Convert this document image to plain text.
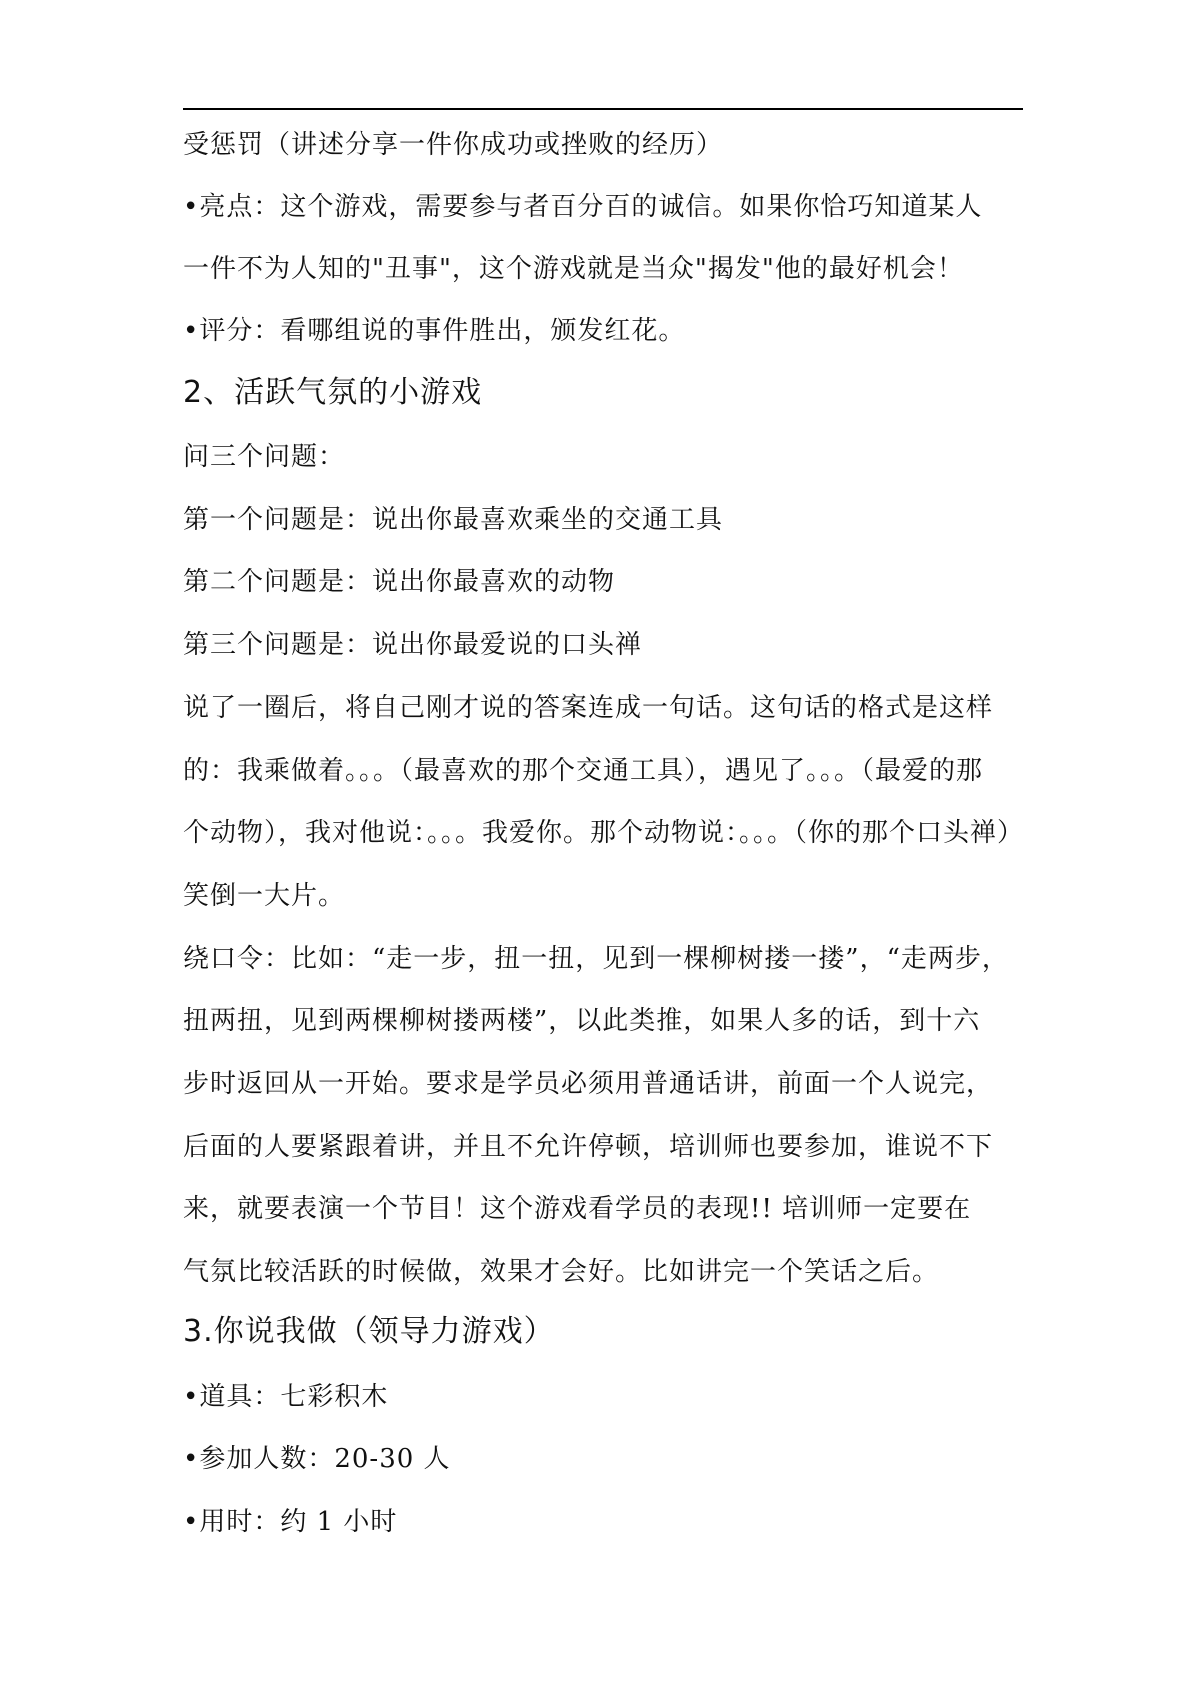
受惩罚（讲述分享一件你成功或挫败的经历）
•亮点：这个游戏，需要参与者百分百的诚信。如果你恰巧知道某人
一件不为人知的"丑事"，这个游戏就是当众"揭发"他的最好机会！
•评分：看哪组说的事件胜出，颁发红花。
2、活跃气氛的小游戏
问三个问题：
第一个问题是：说出你最喜欢乘坐的交通工具
第二个问题是：说出你最喜欢的动物
第三个问题是：说出你最爱说的口头禅
说了一圈后，将自己刚才说的答案连成一句话。这句话的格式是这样
的：我乘做着。。。（最喜欢的那个交通工具），遇见了。。。（最爱的那
个动物），我对他说：。。。我爱你。那个动物说：。。。（你的那个口头禅）
笑倒一大片。
绕口令：比如：“走一步，扭一扭，见到一棵柳树搂一搂”，“走两步，
扭两扭，见到两棵柳树搂两楼”，以此类推，如果人多的话，到十六
步时返回从一开始。要求是学员必须用普通话讲，前面一个人说完，
后面的人要紧跟着讲，并且不允许停顿，培训师也要参加，谁说不下
来，就要表演一个节目！这个游戏看学员的表现!! 培训师一定要在
气氛比较活跃的时候做，效果才会好。比如讲完一个笑话之后。
3.你说我做（领导力游戏）
•道具：七彩积木
•参加人数：20-30 人
•用时：约 1 小时
